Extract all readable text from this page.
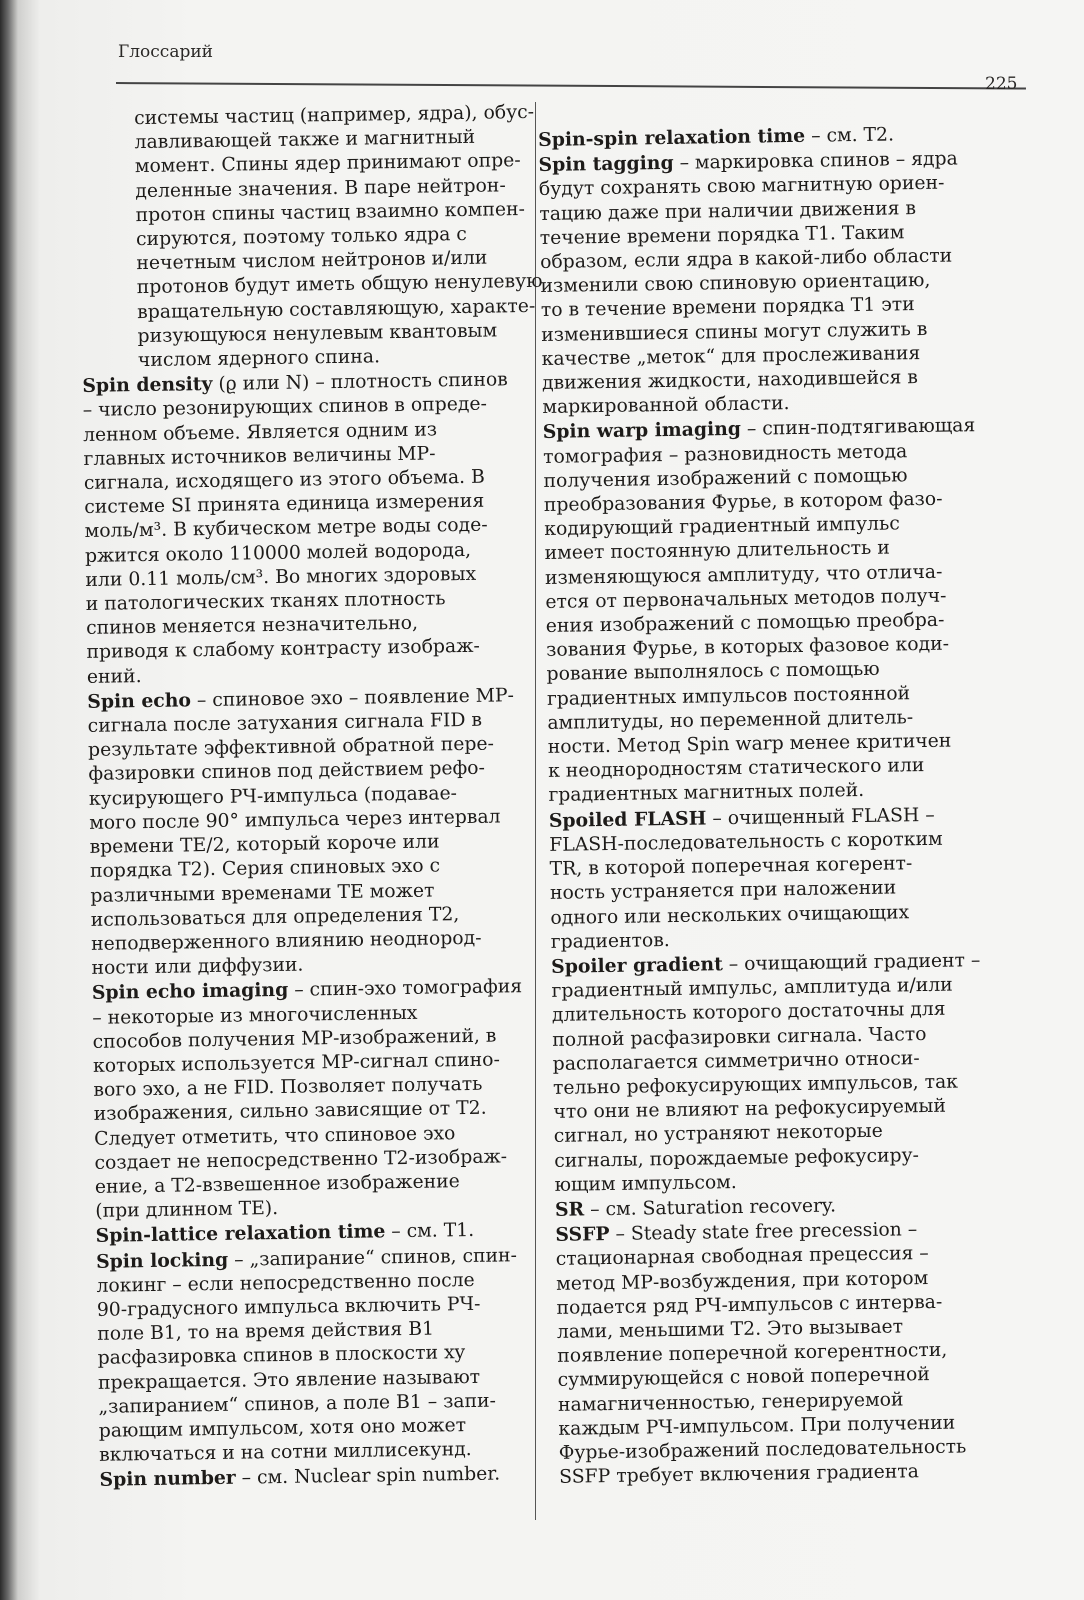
Глоссарий
225
системы частиц (например, ядра), обус-
лавливающей также и магнитный
момент. Спины ядер принимают опре-
деленные значения. В паре нейтрон-
протон спины частиц взаимно компен-
сируются, поэтому только ядра с
нечетным числом нейтронов и/или
протонов будут иметь общую ненулевую
вращательную составляющую, характе-
ризующуюся ненулевым квантовым
числом ядерного спина.
Spin density (ϱ или N) – плотность спинов
– число резонирующих спинов в опреде-
ленном объеме. Является одним из
главных источников величины МР-
сигнала, исходящего из этого объема. В
системе SI принята единица измерения
моль/м³. В кубическом метре воды соде-
ржится около 110000 молей водорода,
или 0.11 моль/см³. Во многих здоровых
и патологических тканях плотность
спинов меняется незначительно,
приводя к слабому контрасту изображ-
ений.
Spin echo – спиновое эхо – появление МР-
сигнала после затухания сигнала FID в
результате эффективной обратной пере-
фазировки спинов под действием рефо-
кусирующего РЧ-импульса (подавае-
мого после 90° импульса через интервал
времени TE/2, который короче или
порядка T2). Серия спиновых эхо с
различными временами TE может
использоваться для определения T2,
неподверженного влиянию неоднород-
ности или диффузии.
Spin echo imaging – спин-эхо томография
– некоторые из многочисленных
способов получения МР-изображений, в
которых используется МР-сигнал спино-
вого эхо, а не FID. Позволяет получать
изображения, сильно зависящие от T2.
Следует отметить, что спиновое эхо
создает не непосредственно T2-изображ-
ение, а T2-взвешенное изображение
(при длинном TE).
Spin-lattice relaxation time – см. T1.
Spin locking – „запирание“ спинов, спин-
локинг – если непосредственно после
90-градусного импульса включить РЧ-
поле B1, то на время действия B1
расфазировка спинов в плоскости xy
прекращается. Это явление называют
„запиранием“ спинов, а поле B1 – запи-
рающим импульсом, хотя оно может
включаться и на сотни миллисекунд.
Spin number – см. Nuclear spin number.
Spin-spin relaxation time – см. T2.
Spin tagging – маркировка спинов – ядра
будут сохранять свою магнитную ориен-
тацию даже при наличии движения в
течение времени порядка T1. Таким
образом, если ядра в какой-либо области
изменили свою спиновую ориентацию,
то в течение времени порядка T1 эти
изменившиеся спины могут служить в
качестве „меток“ для прослеживания
движения жидкости, находившейся в
маркированной области.
Spin warp imaging – спин-подтягивающая
томография – разновидность метода
получения изображений с помощью
преобразования Фурье, в котором фазо-
кодирующий градиентный импульс
имеет постоянную длительность и
изменяющуюся амплитуду, что отлича-
ется от первоначальных методов получ-
ения изображений с помощью преобра-
зования Фурье, в которых фазовое коди-
рование выполнялось с помощью
градиентных импульсов постоянной
амплитуды, но переменной длитель-
ности. Метод Spin warp менее критичен
к неоднородностям статического или
градиентных магнитных полей.
Spoiled FLASH – очищенный FLASH –
FLASH-последовательность с коротким
TR, в которой поперечная когерент-
ность устраняется при наложении
одного или нескольких очищающих
градиентов.
Spoiler gradient – очищающий градиент –
градиентный импульс, амплитуда и/или
длительность которого достаточны для
полной расфазировки сигнала. Часто
располагается симметрично относи-
тельно рефокусирующих импульсов, так
что они не влияют на рефокусируемый
сигнал, но устраняют некоторые
сигналы, порождаемые рефокусиру-
ющим импульсом.
SR – см. Saturation recovery.
SSFP – Steady state free precession –
стационарная свободная прецессия –
метод МР-возбуждения, при котором
подается ряд РЧ-импульсов с интерва-
лами, меньшими T2. Это вызывает
появление поперечной когерентности,
суммирующейся с новой поперечной
намагниченностью, генерируемой
каждым РЧ-импульсом. При получении
Фурье-изображений последовательность
SSFP требует включения градиента
